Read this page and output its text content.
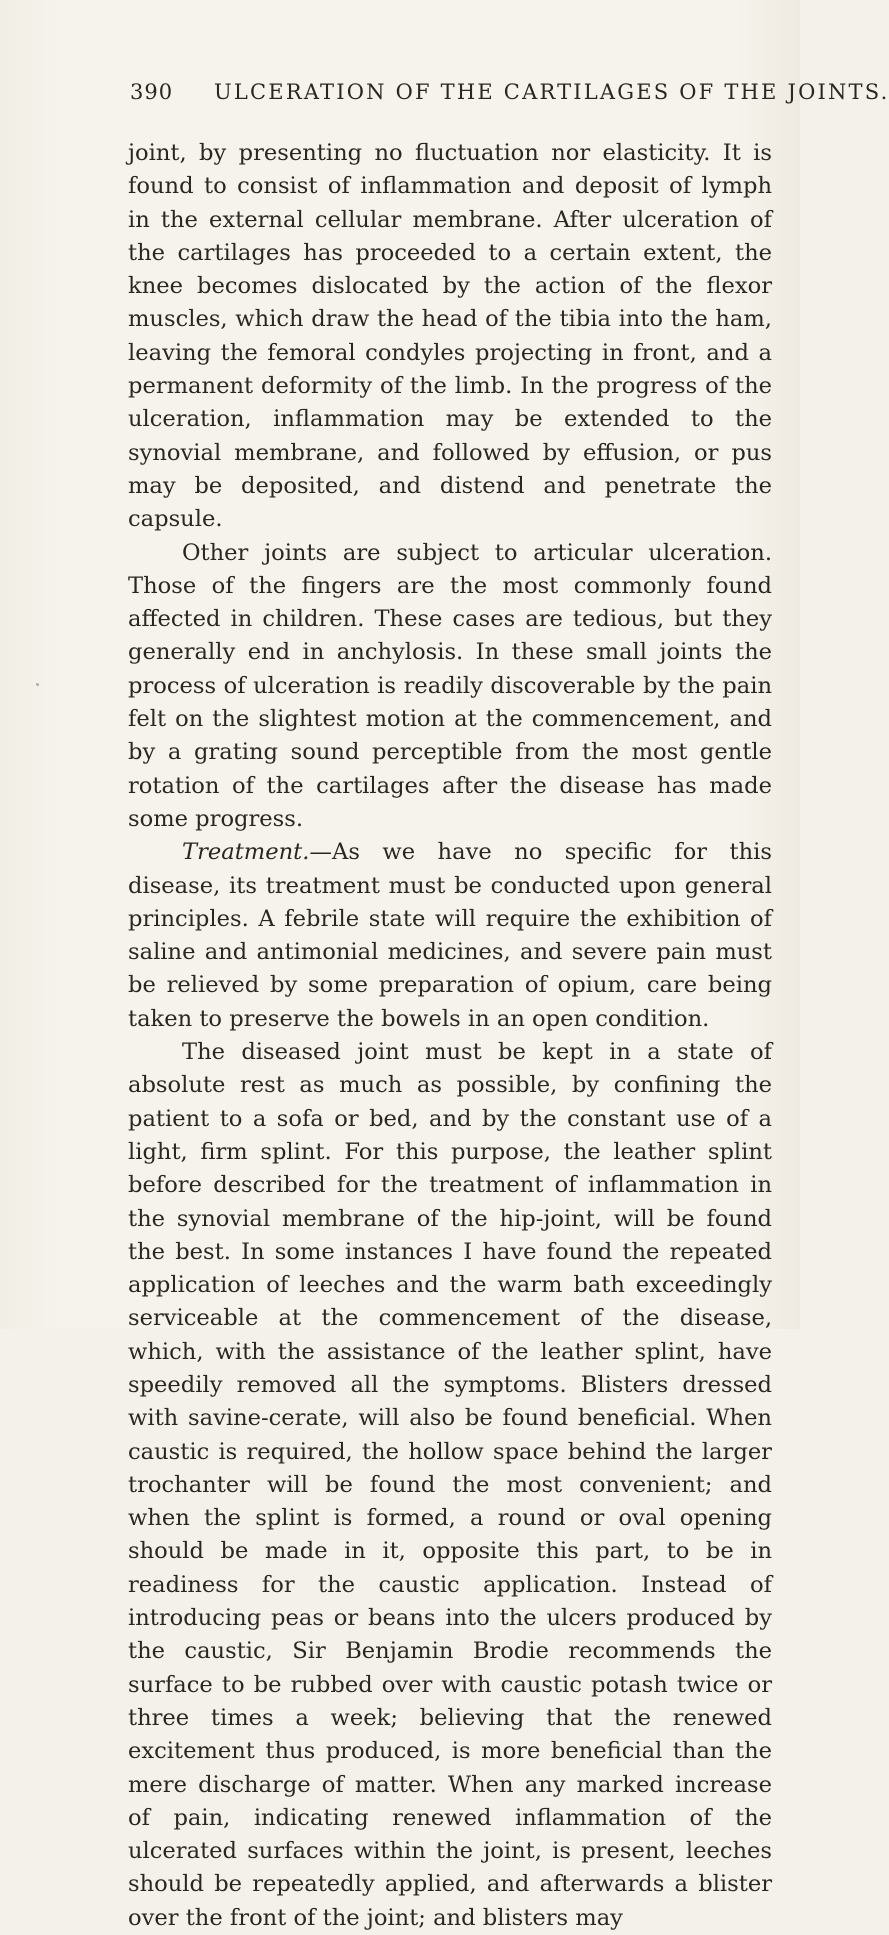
390 ULCERATION OF THE CARTILAGES OF THE JOINTS.

joint, by presenting no fluctuation nor elasticity. It is found to consist of inflammation and deposit of lymph in the external cellular membrane. After ulceration of the cartilages has proceeded to a certain extent, the knee becomes dislocated by the action of the flexor muscles, which draw the head of the tibia into the ham, leaving the femoral condyles projecting in front, and a permanent deformity of the limb. In the progress of the ulceration, inflammation may be extended to the synovial membrane, and followed by effusion, or pus may be deposited, and distend and penetrate the capsule.

Other joints are subject to articular ulceration. Those of the fingers are the most commonly found affected in children. These cases are tedious, but they generally end in anchylosis. In these small joints the process of ulceration is readily discoverable by the pain felt on the slightest motion at the commencement, and by a grating sound perceptible from the most gentle rotation of the cartilages after the disease has made some progress.

Treatment.—As we have no specific for this disease, its treatment must be conducted upon general principles. A febrile state will require the exhibition of saline and antimonial medicines, and severe pain must be relieved by some preparation of opium, care being taken to preserve the bowels in an open condition.

The diseased joint must be kept in a state of absolute rest as much as possible, by confining the patient to a sofa or bed, and by the constant use of a light, firm splint. For this purpose, the leather splint before described for the treatment of inflammation in the synovial membrane of the hip-joint, will be found the best. In some instances I have found the repeated application of leeches and the warm bath exceedingly serviceable at the commencement of the disease, which, with the assistance of the leather splint, have speedily removed all the symptoms. Blisters dressed with savine-cerate, will also be found beneficial. When caustic is required, the hollow space behind the larger trochanter will be found the most convenient; and when the splint is formed, a round or oval opening should be made in it, opposite this part, to be in readiness for the caustic application. Instead of introducing peas or beans into the ulcers produced by the caustic, Sir Benjamin Brodie recommends the surface to be rubbed over with caustic potash twice or three times a week; believing that the renewed excitement thus produced, is more beneficial than the mere discharge of matter. When any marked increase of pain, indicating renewed inflammation of the ulcerated surfaces within the joint, is present, leeches should be repeatedly applied, and afterwards a blister over the front of the joint; and blisters may
